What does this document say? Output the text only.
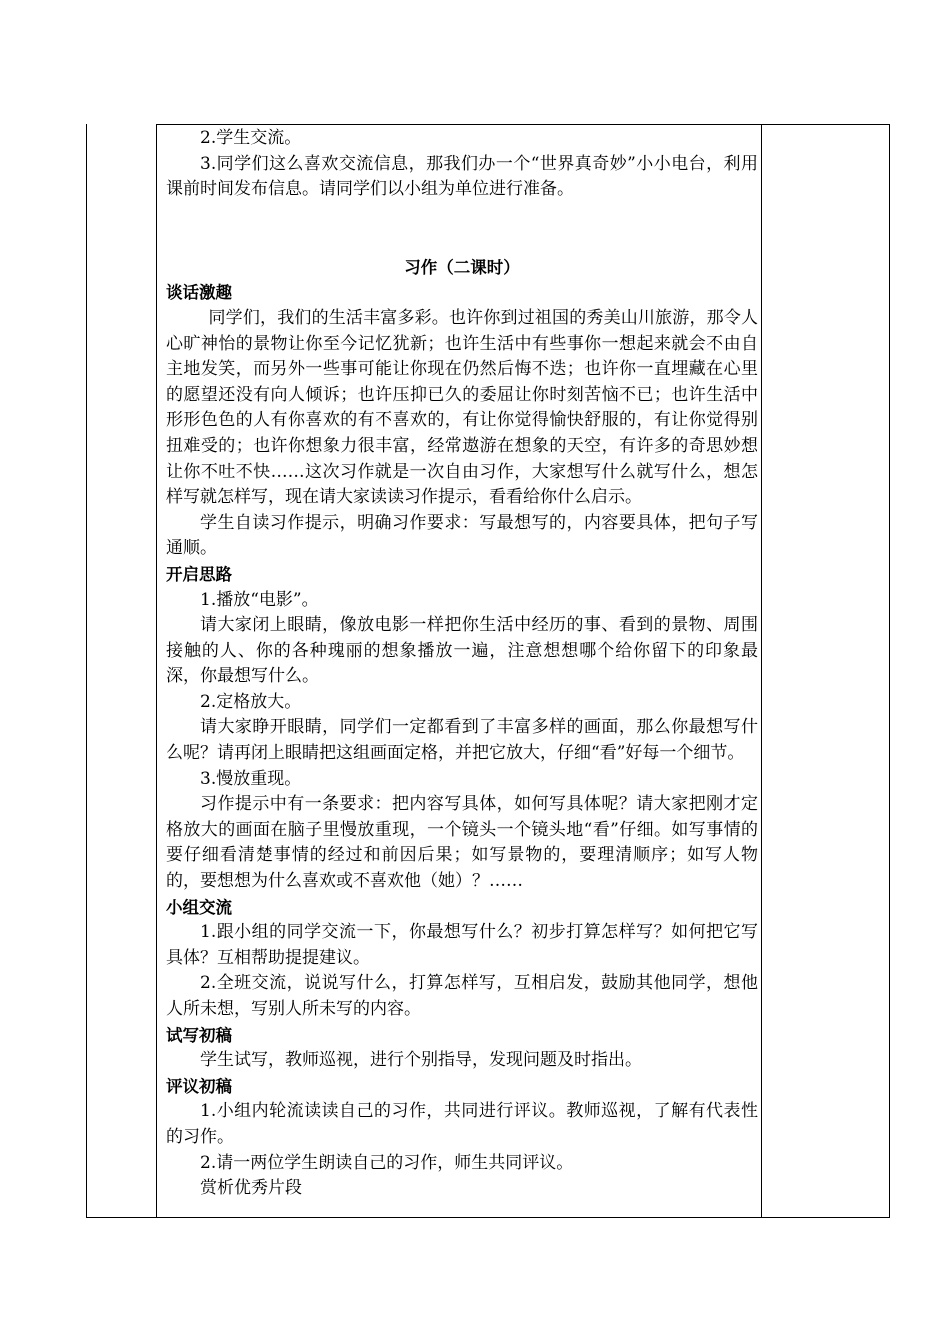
2.学生交流。

3.同学们这么喜欢交流信息，那我们办一个“世界真奇妙”小小电台，利用课前时间发布信息。请同学们以小组为单位进行准备。

习作（二课时）

谈话激趣

同学们，我们的生活丰富多彩。也许你到过祖国的秀美山川旅游，那令人心旷神怡的景物让你至今记忆犹新；也许生活中有些事你一想起来就会不由自主地发笑，而另外一些事可能让你现在仍然后悔不迭；也许你一直埋藏在心里的愿望还没有向人倾诉；也许压抑已久的委屈让你时刻苦恼不已；也许生活中形形色色的人有你喜欢的有不喜欢的，有让你觉得愉快舒服的，有让你觉得别扭难受的；也许你想象力很丰富，经常遨游在想象的天空，有许多的奇思妙想让你不吐不快……这次习作就是一次自由习作，大家想写什么就写什么，想怎样写就怎样写，现在请大家读读习作提示，看看给你什么启示。

学生自读习作提示，明确习作要求：写最想写的，内容要具体，把句子写通顺。

开启思路

1.播放“电影”。

请大家闭上眼睛，像放电影一样把你生活中经历的事、看到的景物、周围接触的人、你的各种瑰丽的想象播放一遍，注意想想哪个给你留下的印象最深，你最想写什么。

2.定格放大。

请大家睁开眼睛，同学们一定都看到了丰富多样的画面，那么你最想写什么呢？请再闭上眼睛把这组画面定格，并把它放大，仔细“看”好每一个细节。

3.慢放重现。

习作提示中有一条要求：把内容写具体，如何写具体呢？请大家把刚才定格放大的画面在脑子里慢放重现，一个镜头一个镜头地“看”仔细。如写事情的要仔细看清楚事情的经过和前因后果；如写景物的，要理清顺序；如写人物的，要想想为什么喜欢或不喜欢他（她）？……

小组交流

1.跟小组的同学交流一下，你最想写什么？初步打算怎样写？如何把它写具体？互相帮助提提建议。

2.全班交流，说说写什么，打算怎样写，互相启发，鼓励其他同学，想他人所未想，写别人所未写的内容。

试写初稿

学生试写，教师巡视，进行个别指导，发现问题及时指出。

评议初稿

1.小组内轮流读读自己的习作，共同进行评议。教师巡视，了解有代表性的习作。

2.请一两位学生朗读自己的习作，师生共同评议。

赏析优秀片段
